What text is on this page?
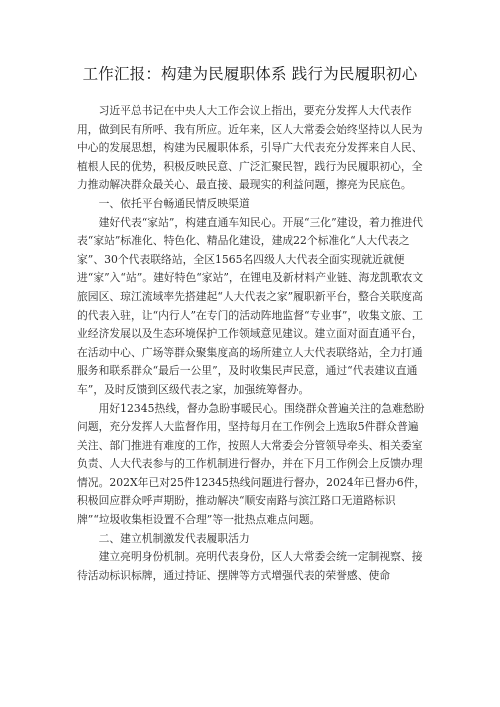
工作汇报：构建为民履职体系 践行为民履职初心

习近平总书记在中央人大工作会议上指出，要充分发挥人大代表作用，做到民有所呼、我有所应。近年来，区人大常委会始终坚持以人民为中心的发展思想，构建为民履职体系，引导广大代表充分发挥来自人民、植根人民的优势，积极反映民意、广泛汇聚民智，践行为民履职初心，全力推动解决群众最关心、最直接、最现实的利益问题，擦亮为民底色。

一、依托平台畅通民情反映渠道

建好代表“家站”，构建直通车知民心。开展“三化”建设，着力推进代表“家站”标准化、特色化、精品化建设，建成22个标准化“人大代表之家”、30个代表联络站，全区1565名四级人大代表全面实现就近就便进“家”入“站”。建好特色“家站”，在锂电及新材料产业链、海龙凯歌农文旅园区、琼江流域率先搭建起“人大代表之家”履职新平台，整合关联度高的代表入驻，让“内行人”在专门的活动阵地监督“专业事”，收集文旅、工业经济发展以及生态环境保护工作领域意见建议。建立面对面直通平台，在活动中心、广场等群众聚集度高的场所建立人大代表联络站，全力打通服务和联系群众“最后一公里”，及时收集民声民意，通过“代表建议直通车”，及时反馈到区级代表之家，加强统筹督办。

用好12345热线，督办急盼事暖民心。围绕群众普遍关注的急难愁盼问题，充分发挥人大监督作用，坚持每月在工作例会上选取5件群众普遍关注、部门推进有难度的工作，按照人大常委会分管领导牵头、相关委室负责、人大代表参与的工作机制进行督办，并在下月工作例会上反馈办理情况。202X年已对25件12345热线问题进行督办，2024年已督办6件，积极回应群众呼声期盼，推动解决“顺安南路与滨江路口无道路标识牌”“垃圾收集柜设置不合理”等一批热点难点问题。

二、建立机制激发代表履职活力

建立亮明身份机制。亮明代表身份，区人大常委会统一定制视察、接待活动标识标牌，通过持证、摆牌等方式增强代表的荣誉感、使命
